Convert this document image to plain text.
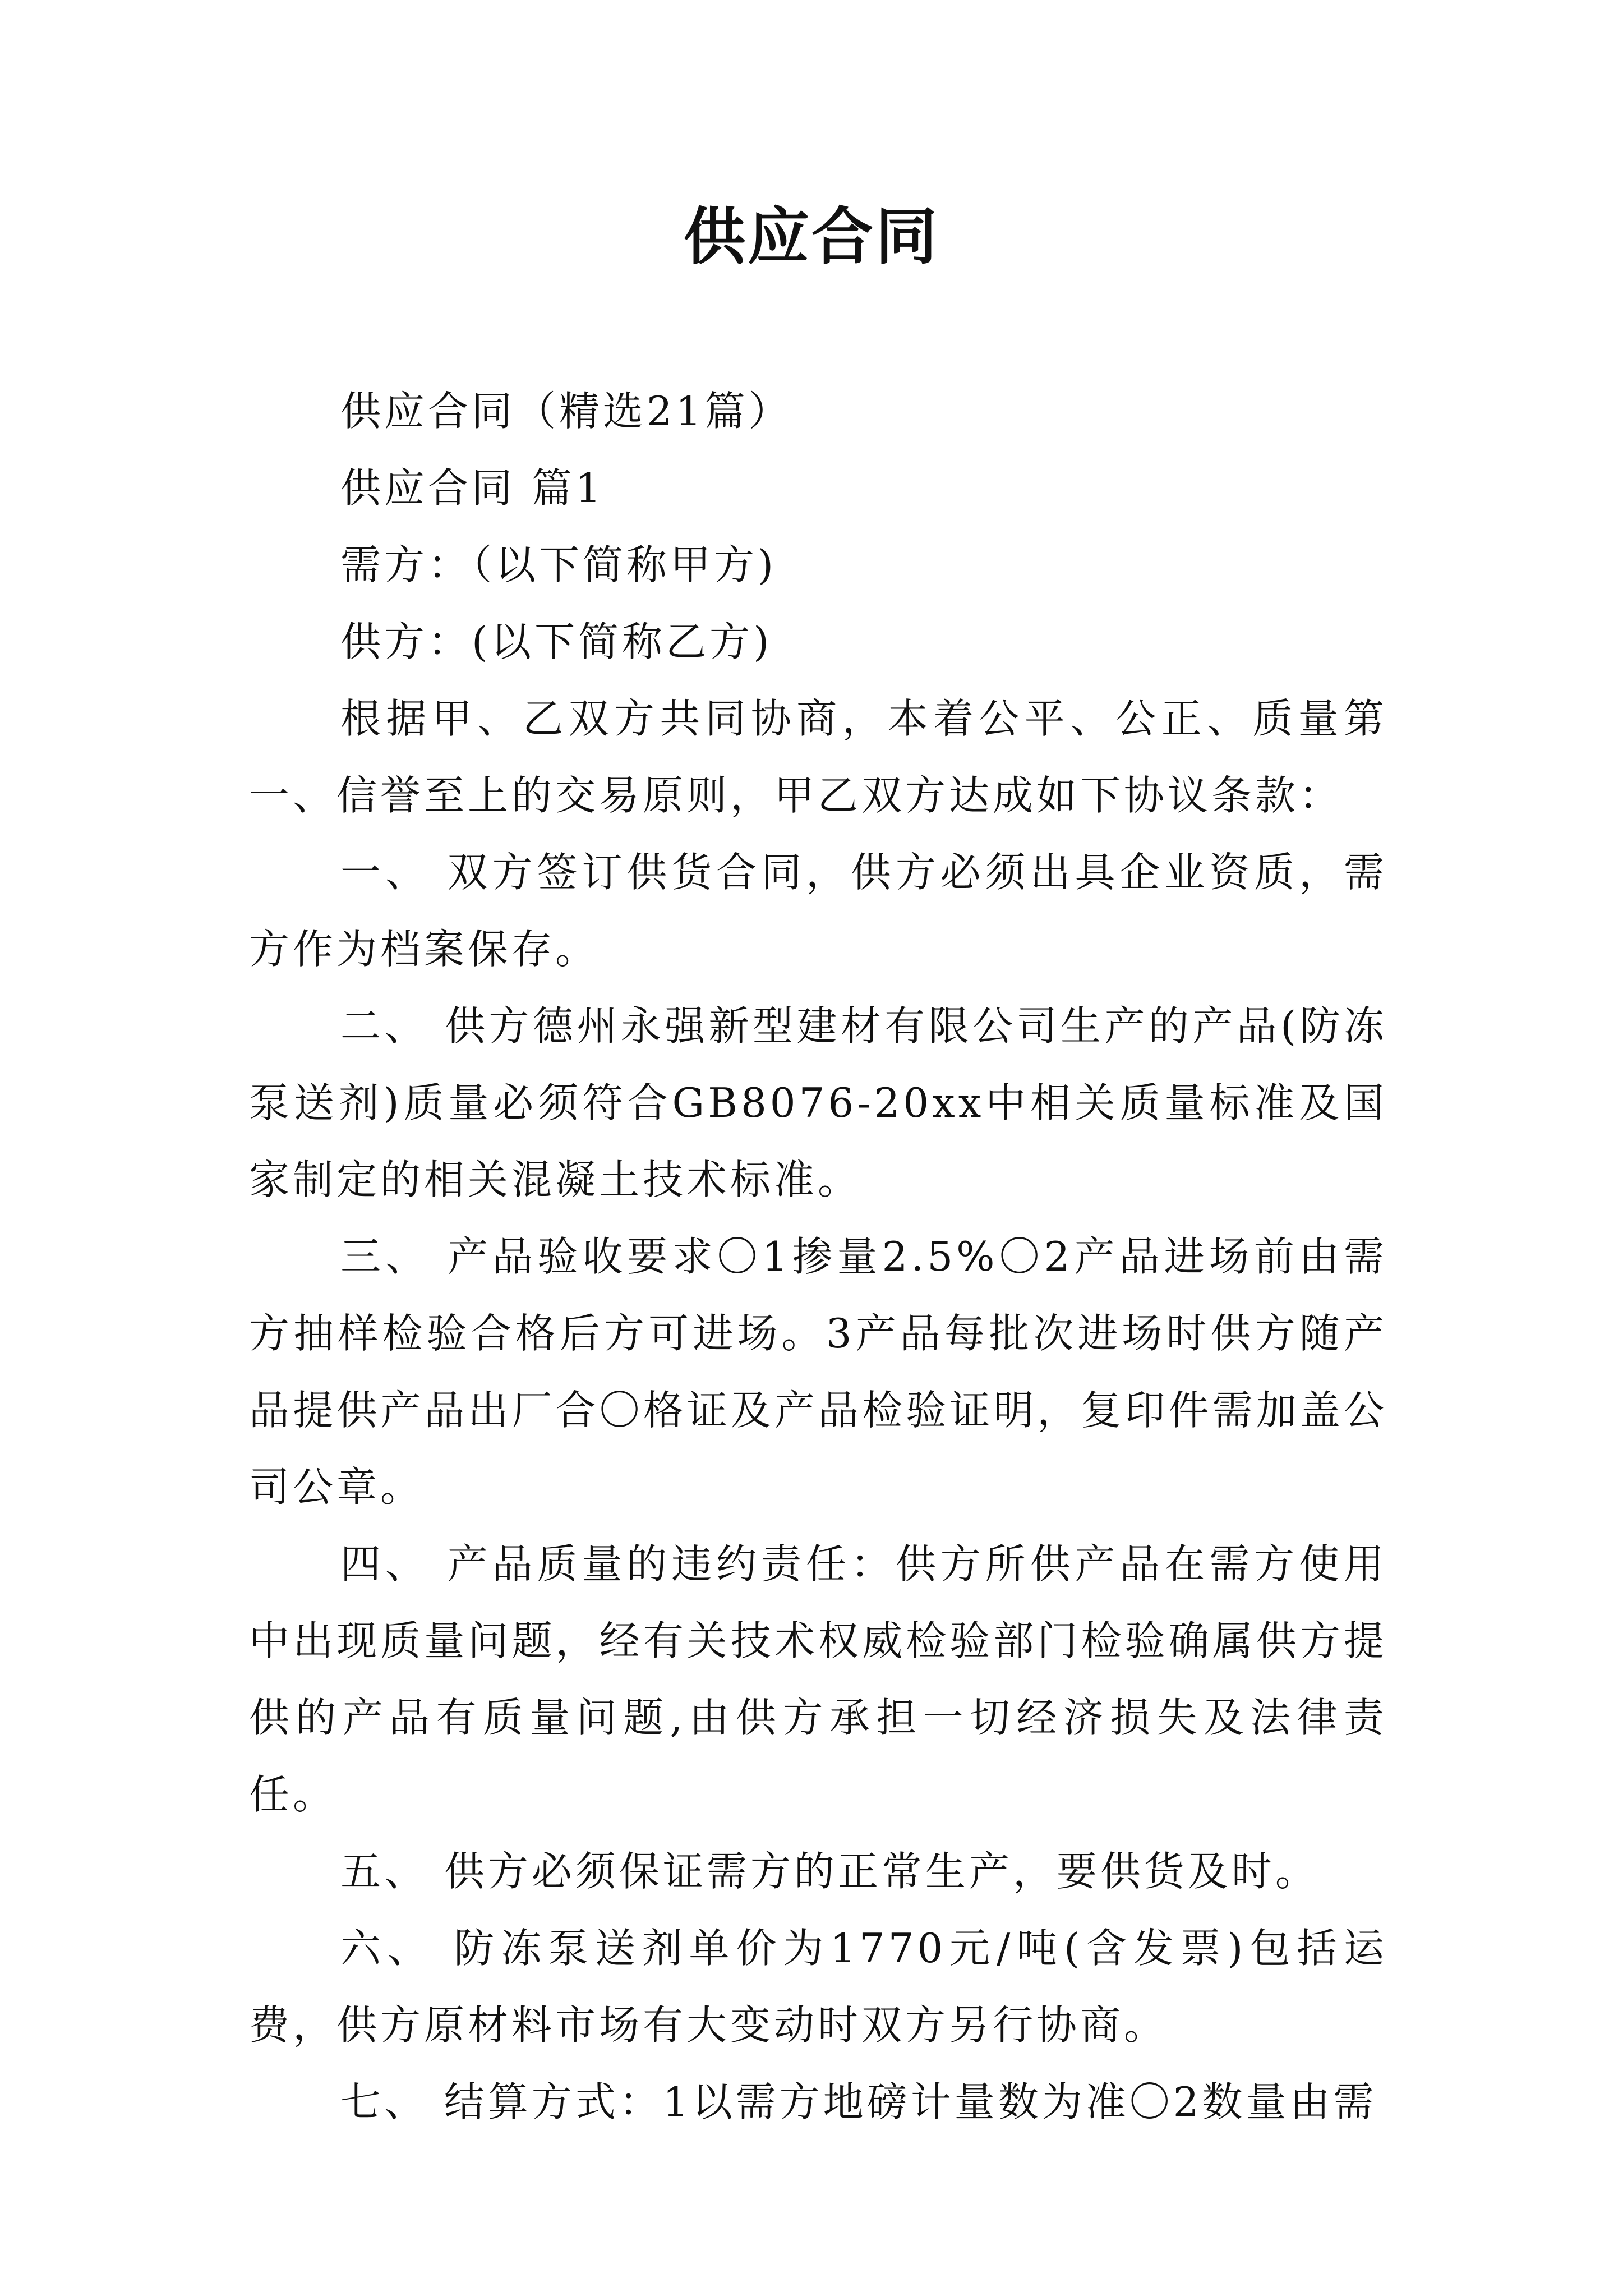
供应合同

供应合同（精选21篇）

供应合同 篇1

需方：（以下简称甲方)

供方：(以下简称乙方)

根据甲、乙双方共同协商，本着公平、公正、质量第一、信誉至上的交易原则，甲乙双方达成如下协议条款：

一、 双方签订供货合同，供方必须出具企业资质，需方作为档案保存。

二、 供方德州永强新型建材有限公司生产的产品(防冻泵送剂)质量必须符合GB8076-20xx中相关质量标准及国家制定的相关混凝土技术标准。

三、 产品验收要求〇1掺量2.5%〇2产品进场前由需方抽样检验合格后方可进场。3产品每批次进场时供方随产品提供产品出厂合〇格证及产品检验证明，复印件需加盖公司公章。

四、 产品质量的违约责任：供方所供产品在需方使用中出现质量问题，经有关技术权威检验部门检验确属供方提供的产品有质量问题,由供方承担一切经济损失及法律责任。

五、 供方必须保证需方的正常生产，要供货及时。

六、 防冻泵送剂单价为1770元/吨(含发票)包括运费，供方原材料市场有大变动时双方另行协商。

七、 结算方式：1以需方地磅计量数为准〇2数量由需
